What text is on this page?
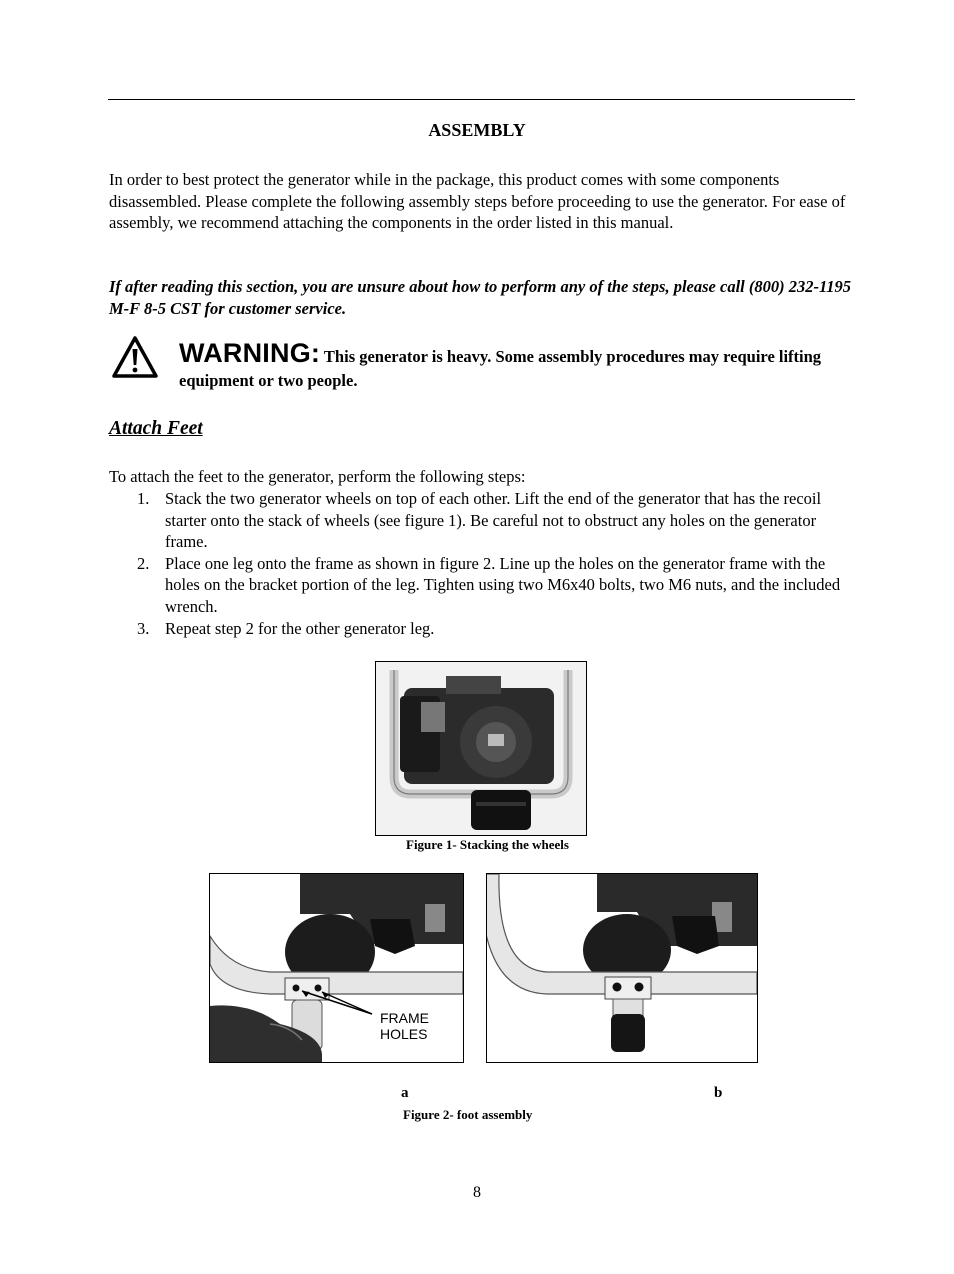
ASSEMBLY
In order to best protect the generator while in the package, this product comes with some components disassembled. Please complete the following assembly steps before proceeding to use the generator. For ease of assembly, we recommend attaching the components in the order listed in this manual.
If after reading this section, you are unsure about how to perform any of the steps, please call (800) 232-1195 M-F 8-5 CST for customer service.
WARNING: This generator is heavy. Some assembly procedures may require lifting equipment or two people.
Attach Feet
To attach the feet to the generator, perform the following steps:
1. Stack the two generator wheels on top of each other. Lift the end of the generator that has the recoil starter onto the stack of wheels (see figure 1). Be careful not to obstruct any holes on the generator frame.
2. Place one leg onto the frame as shown in figure 2. Line up the holes on the generator frame with the holes on the bracket portion of the leg. Tighten using two M6x40 bolts, two M6 nuts, and the included wrench.
3. Repeat step 2 for the other generator leg.
Figure 1- Stacking the wheels
FRAME
HOLES
a	b
Figure 2- foot assembly
8
